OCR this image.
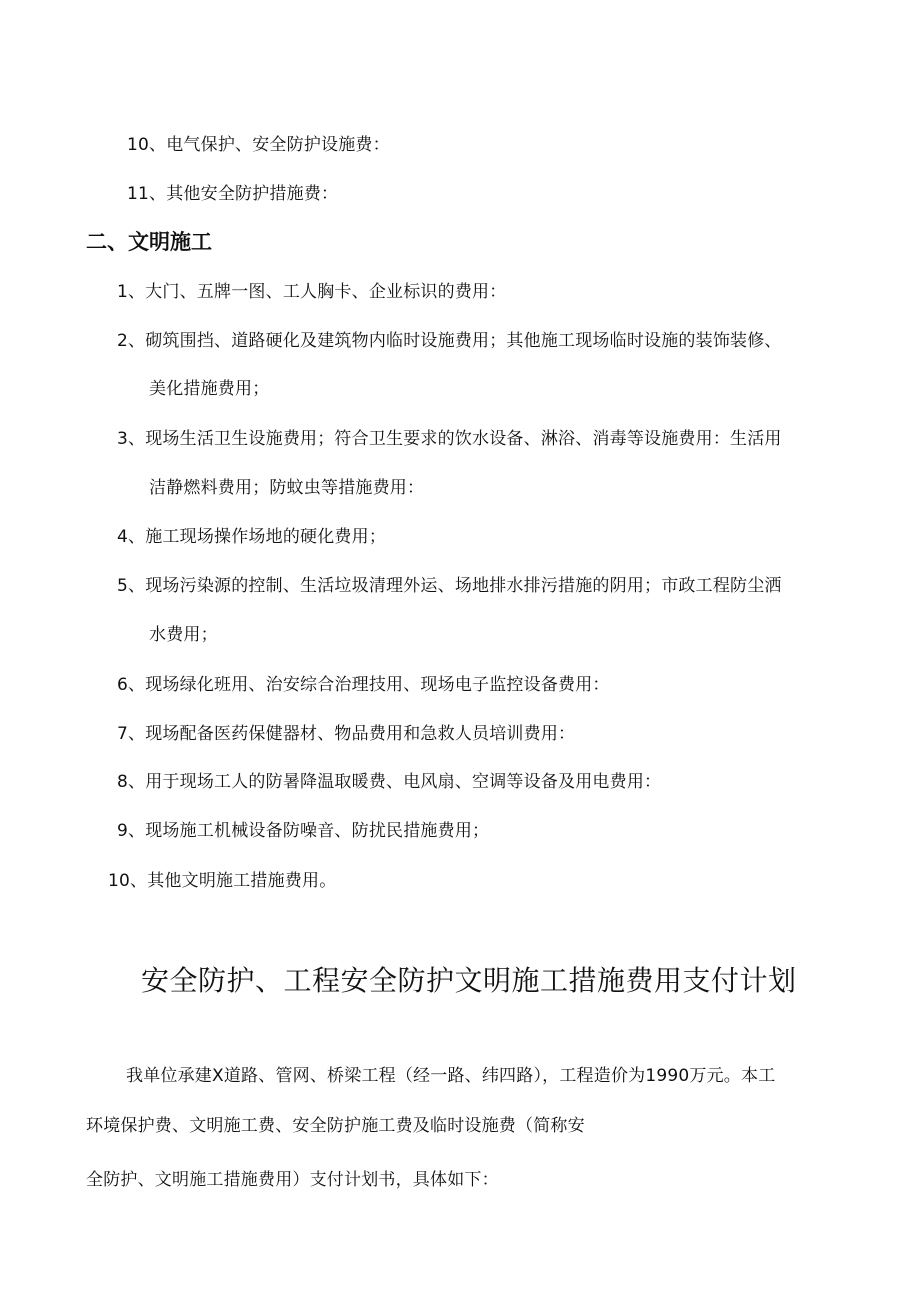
10、电气保护、安全防护设施费：
11、其他安全防护措施费：
二、文明施工
1、大门、五牌一图、工人胸卡、企业标识的费用：
2、砌筑围挡、道路硬化及建筑物内临时设施费用；其他施工现场临时设施的装饰装修、
美化措施费用；
3、现场生活卫生设施费用；符合卫生要求的饮水设备、淋浴、消毒等设施费用：生活用
洁静燃料费用；防蚊虫等措施费用：
4、施工现场操作场地的硬化费用；
5、现场污染源的控制、生活垃圾清理外运、场地排水排污措施的阴用；市政工程防尘洒
水费用；
6、现场绿化班用、治安综合治理技用、现场电子监控设备费用：
7、现场配备医药保健器材、物品费用和急救人员培训费用：
8、用于现场工人的防暑降温取暖费、电风扇、空调等设备及用电费用：
9、现场施工机械设备防噪音、防扰民措施费用；
10、其他文明施工措施费用。
安全防护、工程安全防护文明施工措施费用支付计划
我单位承建X道路、管网、桥梁工程（经一路、纬四路），工程造价为1990万元。本工
环境保护费、文明施工费、安全防护施工费及临时设施费（简称安
全防护、文明施工措施费用）支付计划书，具体如下：
